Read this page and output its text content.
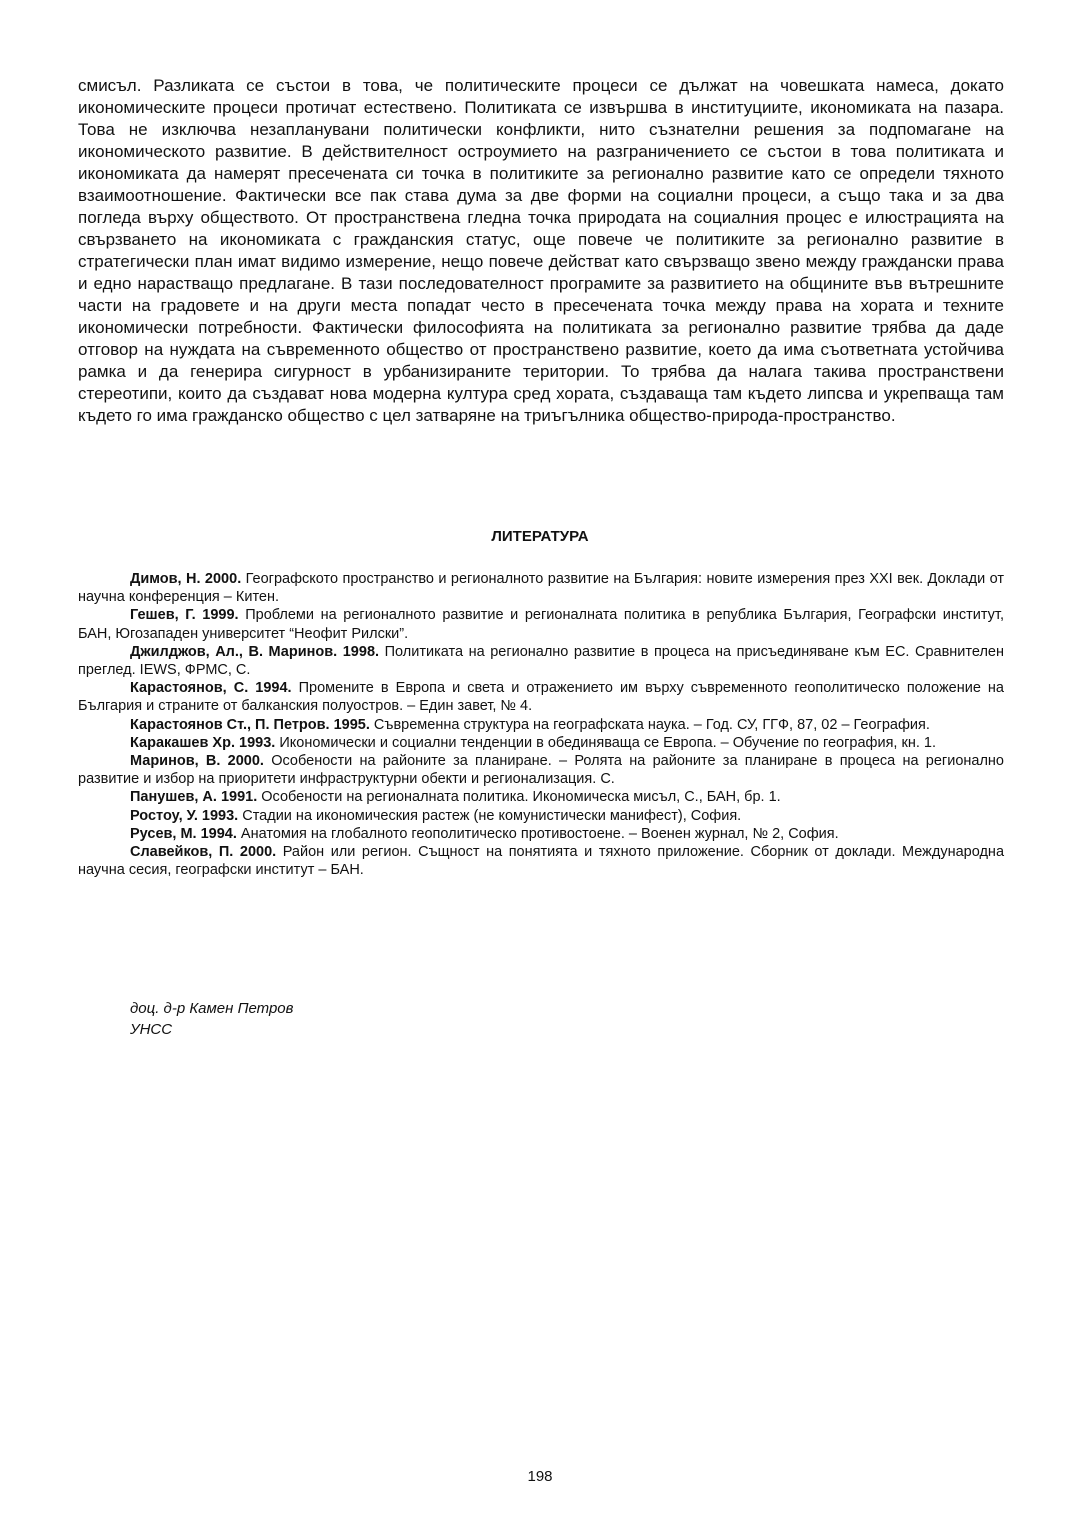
смисъл. Разликата се състои в това, че политическите процеси се дължат на човешката намеса, докато икономическите процеси протичат естествено. Политиката се извършва в институциите, икономиката на пазара. Това не изключва незапланувани политически конфликти, нито съзнателни решения за подпомагане на икономическото развитие. В действителност остроумието на разграничението се състои в това политиката и икономиката да намерят пресечената си точка в политиките за регионално развитие като се определи тяхното взаимоотношение. Фактически все пак става дума за две форми на социални процеси, а също така и за два погледа върху обществото. От пространствена гледна точка природата на социалния процес е илюстрацията на свързването на икономиката с гражданския статус, още повече че политиките за регионално развитие в стратегически план имат видимо измерение, нещо повече действат като свързващо звено между граждански права и едно нарастващо предлагане. В тази последователност програмите за развитието на общините във вътрешните части на градовете и на други места попадат често в пресечената точка между права на хората и техните икономически потребности. Фактически философията на политиката за регионално развитие трябва да даде отговор на нуждата на съвременното общество от пространствено развитие, което да има съответната устойчива рамка и да генерира сигурност в урбанизираните територии. То трябва да налага такива пространствени стереотипи, които да създават нова модерна култура сред хората, създаваща там където липсва и укрепваща там където го има гражданско общество с цел затваряне на триъгълника общество-природа-пространство.

ЛИТЕРАТУРА
Димов, Н. 2000. Географското пространство и регионалното развитие на България: новите измерения през XXI век. Доклади от научна конференция – Китен.
Гешев, Г. 1999. Проблеми на регионалното развитие и регионалната политика в република България, Географски институт, БАН, Югозападен университет “Неофит Рилски”.
Джилджов, Ал., В. Маринов. 1998. Политиката на регионално развитие в процеса на присъединяване към ЕС. Сравнителен преглед. IEWS, ФРМС, С.
Карастоянов, С. 1994. Промените в Европа и света и отражението им върху съвременното геополитическо положение на България и страните от балканския полуостров. – Един завет, № 4.
Карастоянов Ст., П. Петров. 1995. Съвременна структура на географската наука. – Год. СУ, ГГФ, 87, 02 – География.
Каракашев Хр. 1993. Икономически и социални тенденции в обединяваща се Европа. – Обучение по география, кн. 1.
Маринов, В. 2000. Особености на районите за планиране. – Ролята на районите за планиране в процеса на регионално развитие и избор на приоритети инфраструктурни обекти и регионализация. С.
Панушев, А. 1991. Особености на регионалната политика. Икономическа мисъл, С., БАН, бр. 1.
Ростоу, У. 1993. Стадии на икономическия растеж (не комунистически манифест), София.
Русев, М. 1994. Анатомия на глобалното геополитическо противостоене. – Военен журнал, № 2, София.
Славейков, П. 2000. Район или регион. Същност на понятията и тяхното приложение. Сборник от доклади. Международна научна сесия, географски институт – БАН.
доц. д-р Камен Петров
УНСС
198
